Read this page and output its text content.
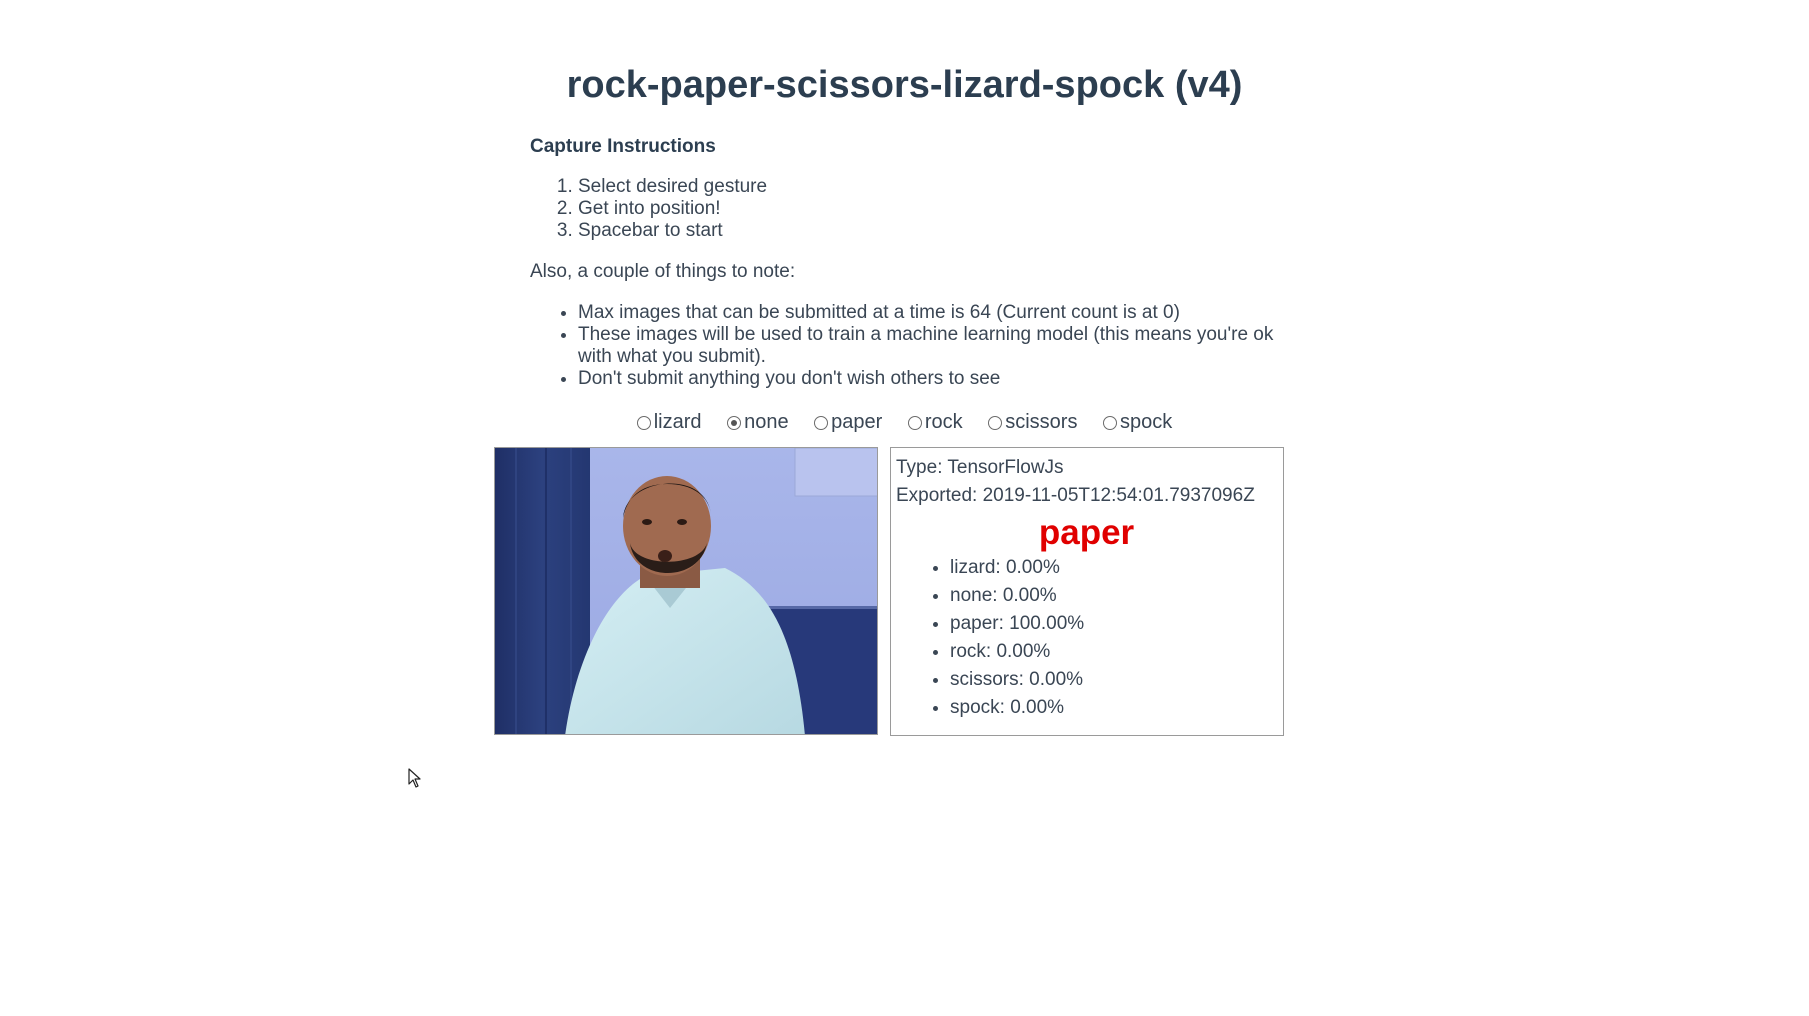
rock-paper-scissors-lizard-spock (v4)

Capture Instructions

1. Select desired gesture
2. Get into position!
3. Spacebar to start

Also, a couple of things to note:

• Max images that can be submitted at a time is 64 (Current count is at 0)
• These images will be used to train a machine learning model (this means you're ok with what you submit).
• Don't submit anything you don't wish others to see
lizard
none
paper
rock
scissors
spock

Type: TensorFlowJs

Exported: 2019-11-05T12:54:01.7937096Z

paper

• lizard: 0.00%
• none: 0.00%
• paper: 100.00%
• rock: 0.00%
• scissors: 0.00%
• spock: 0.00%
